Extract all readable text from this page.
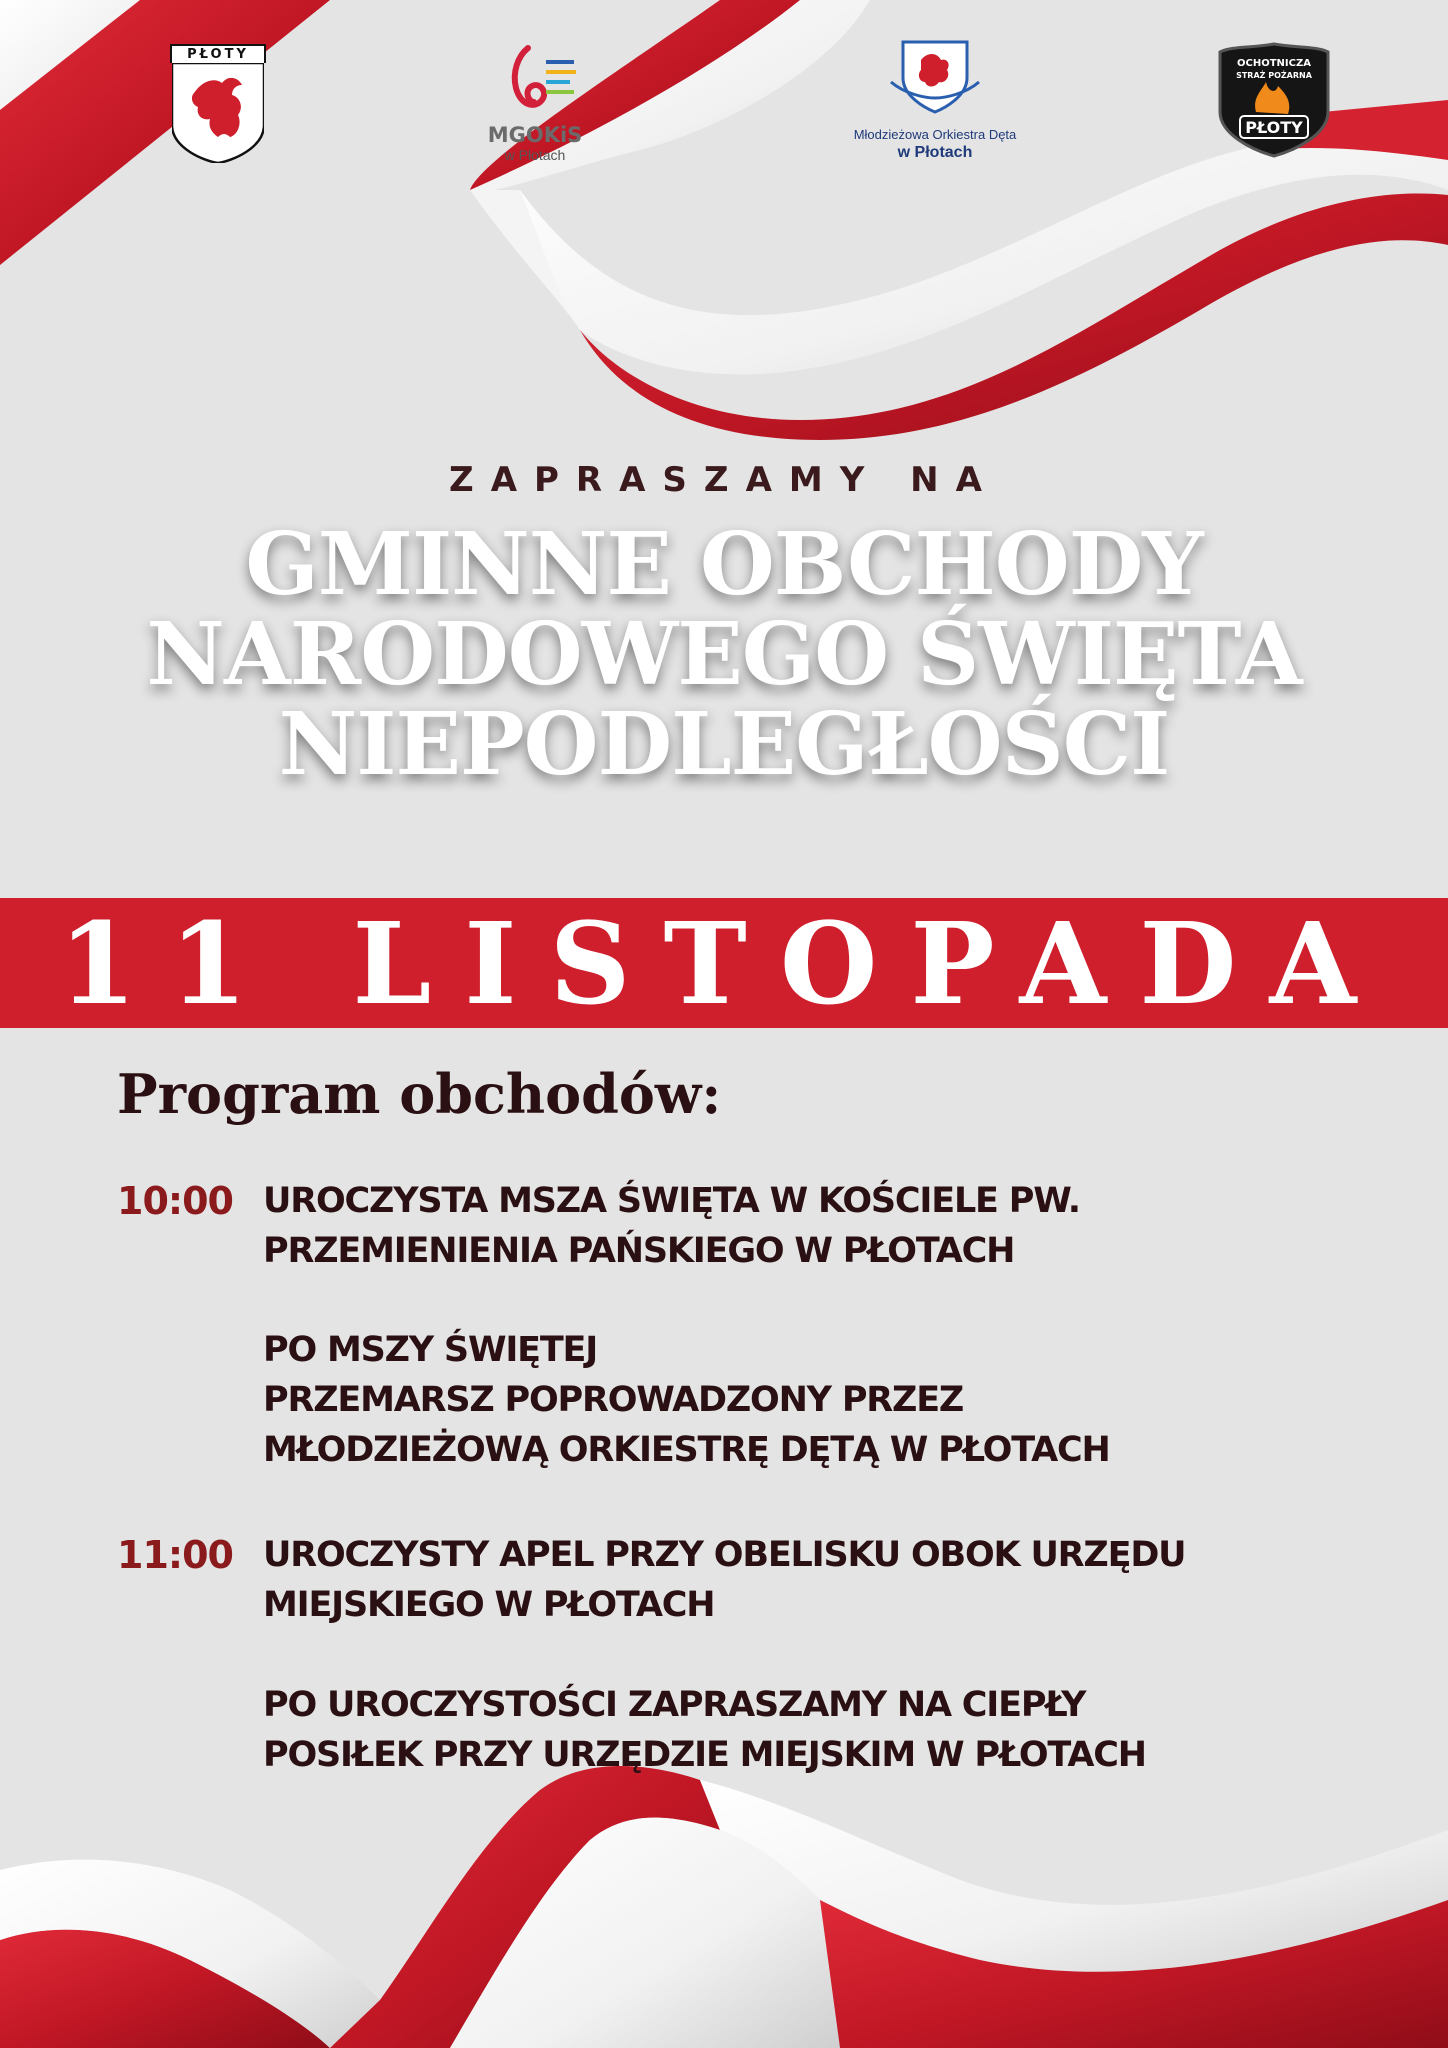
PŁOTY
MGOKiS
w Płotach
Młodzieżowa Orkiestra Dęta
w Płotach
OCHOTNICZA
STRAŻ POŻARNA
PŁOTY
ZAPRASZAMY NA
GMINNE OBCHODY
NARODOWEGO ŚWIĘTA
NIEPODLEGŁOŚCI
11 LISTOPADA
Program obchodów:
10:00 UROCZYSTA MSZA ŚWIĘTA W KOŚCIELE PW.
PRZEMIENIENIA PAŃSKIEGO W PŁOTACH
PO MSZY ŚWIĘTEJ
PRZEMARSZ POPROWADZONY PRZEZ
MŁODZIEŻOWĄ ORKIESTRĘ DĘTĄ W PŁOTACH
11:00 UROCZYSTY APEL PRZY OBELISKU OBOK URZĘDU
MIEJSKIEGO W PŁOTACH
PO UROCZYSTOŚCI ZAPRASZAMY NA CIEPŁY
POSIŁEK PRZY URZĘDZIE MIEJSKIM W PŁOTACH
